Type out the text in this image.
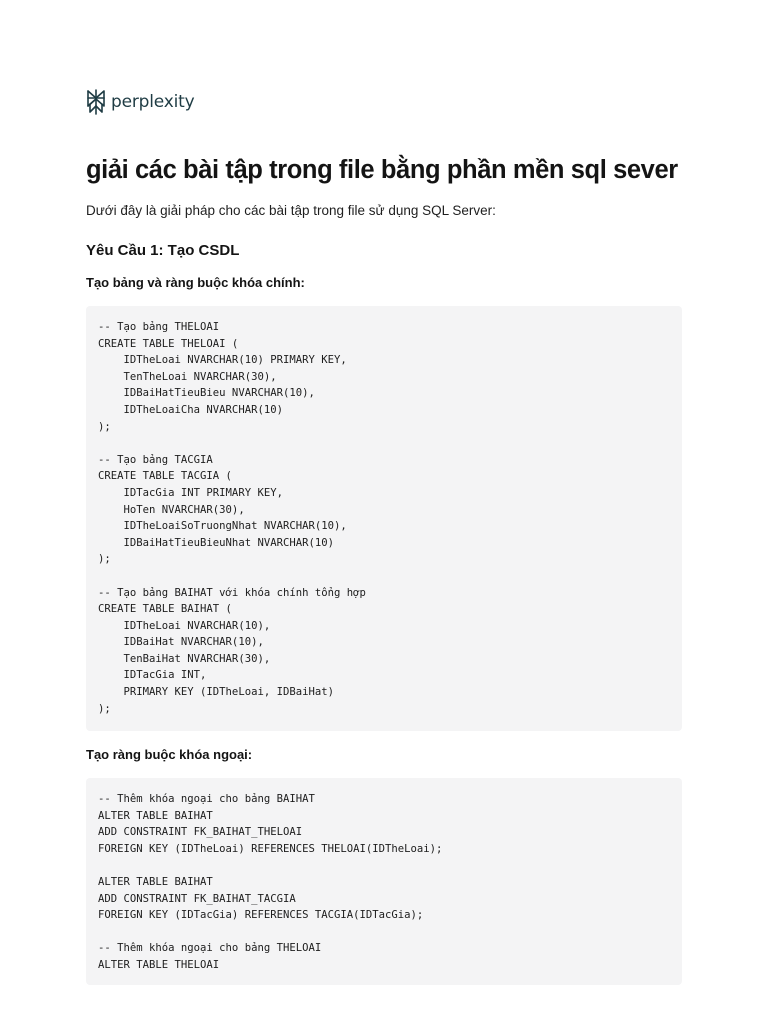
perplexity
giải các bài tập trong file bằng phần mền sql sever

Dưới đây là giải pháp cho các bài tập trong file sử dụng SQL Server:

Yêu Cầu 1: Tạo CSDL
Tạo bảng và ràng buộc khóa chính:
-- Tạo bảng THELOAI
CREATE TABLE THELOAI (
IDTheLoai NVARCHAR(10) PRIMARY KEY,
TenTheLoai NVARCHAR(30),
IDBaiHatTieuBieu NVARCHAR(10),
IDTheLoaiCha NVARCHAR(10)
);

-- Tạo bảng TACGIA
CREATE TABLE TACGIA (
IDTacGia INT PRIMARY KEY,
HoTen NVARCHAR(30),
IDTheLoaiSoTruongNhat NVARCHAR(10),
IDBaiHatTieuBieuNhat NVARCHAR(10)
);

-- Tạo bảng BAIHAT với khóa chính tổng hợp
CREATE TABLE BAIHAT (
IDTheLoai NVARCHAR(10),
IDBaiHat NVARCHAR(10),
TenBaiHat NVARCHAR(30),
IDTacGia INT,
PRIMARY KEY (IDTheLoai, IDBaiHat)
);
Tạo ràng buộc khóa ngoại:
-- Thêm khóa ngoại cho bảng BAIHAT
ALTER TABLE BAIHAT
ADD CONSTRAINT FK_BAIHAT_THELOAI
FOREIGN KEY (IDTheLoai) REFERENCES THELOAI(IDTheLoai);

ALTER TABLE BAIHAT
ADD CONSTRAINT FK_BAIHAT_TACGIA
FOREIGN KEY (IDTacGia) REFERENCES TACGIA(IDTacGia);

-- Thêm khóa ngoại cho bảng THELOAI
ALTER TABLE THELOAI
